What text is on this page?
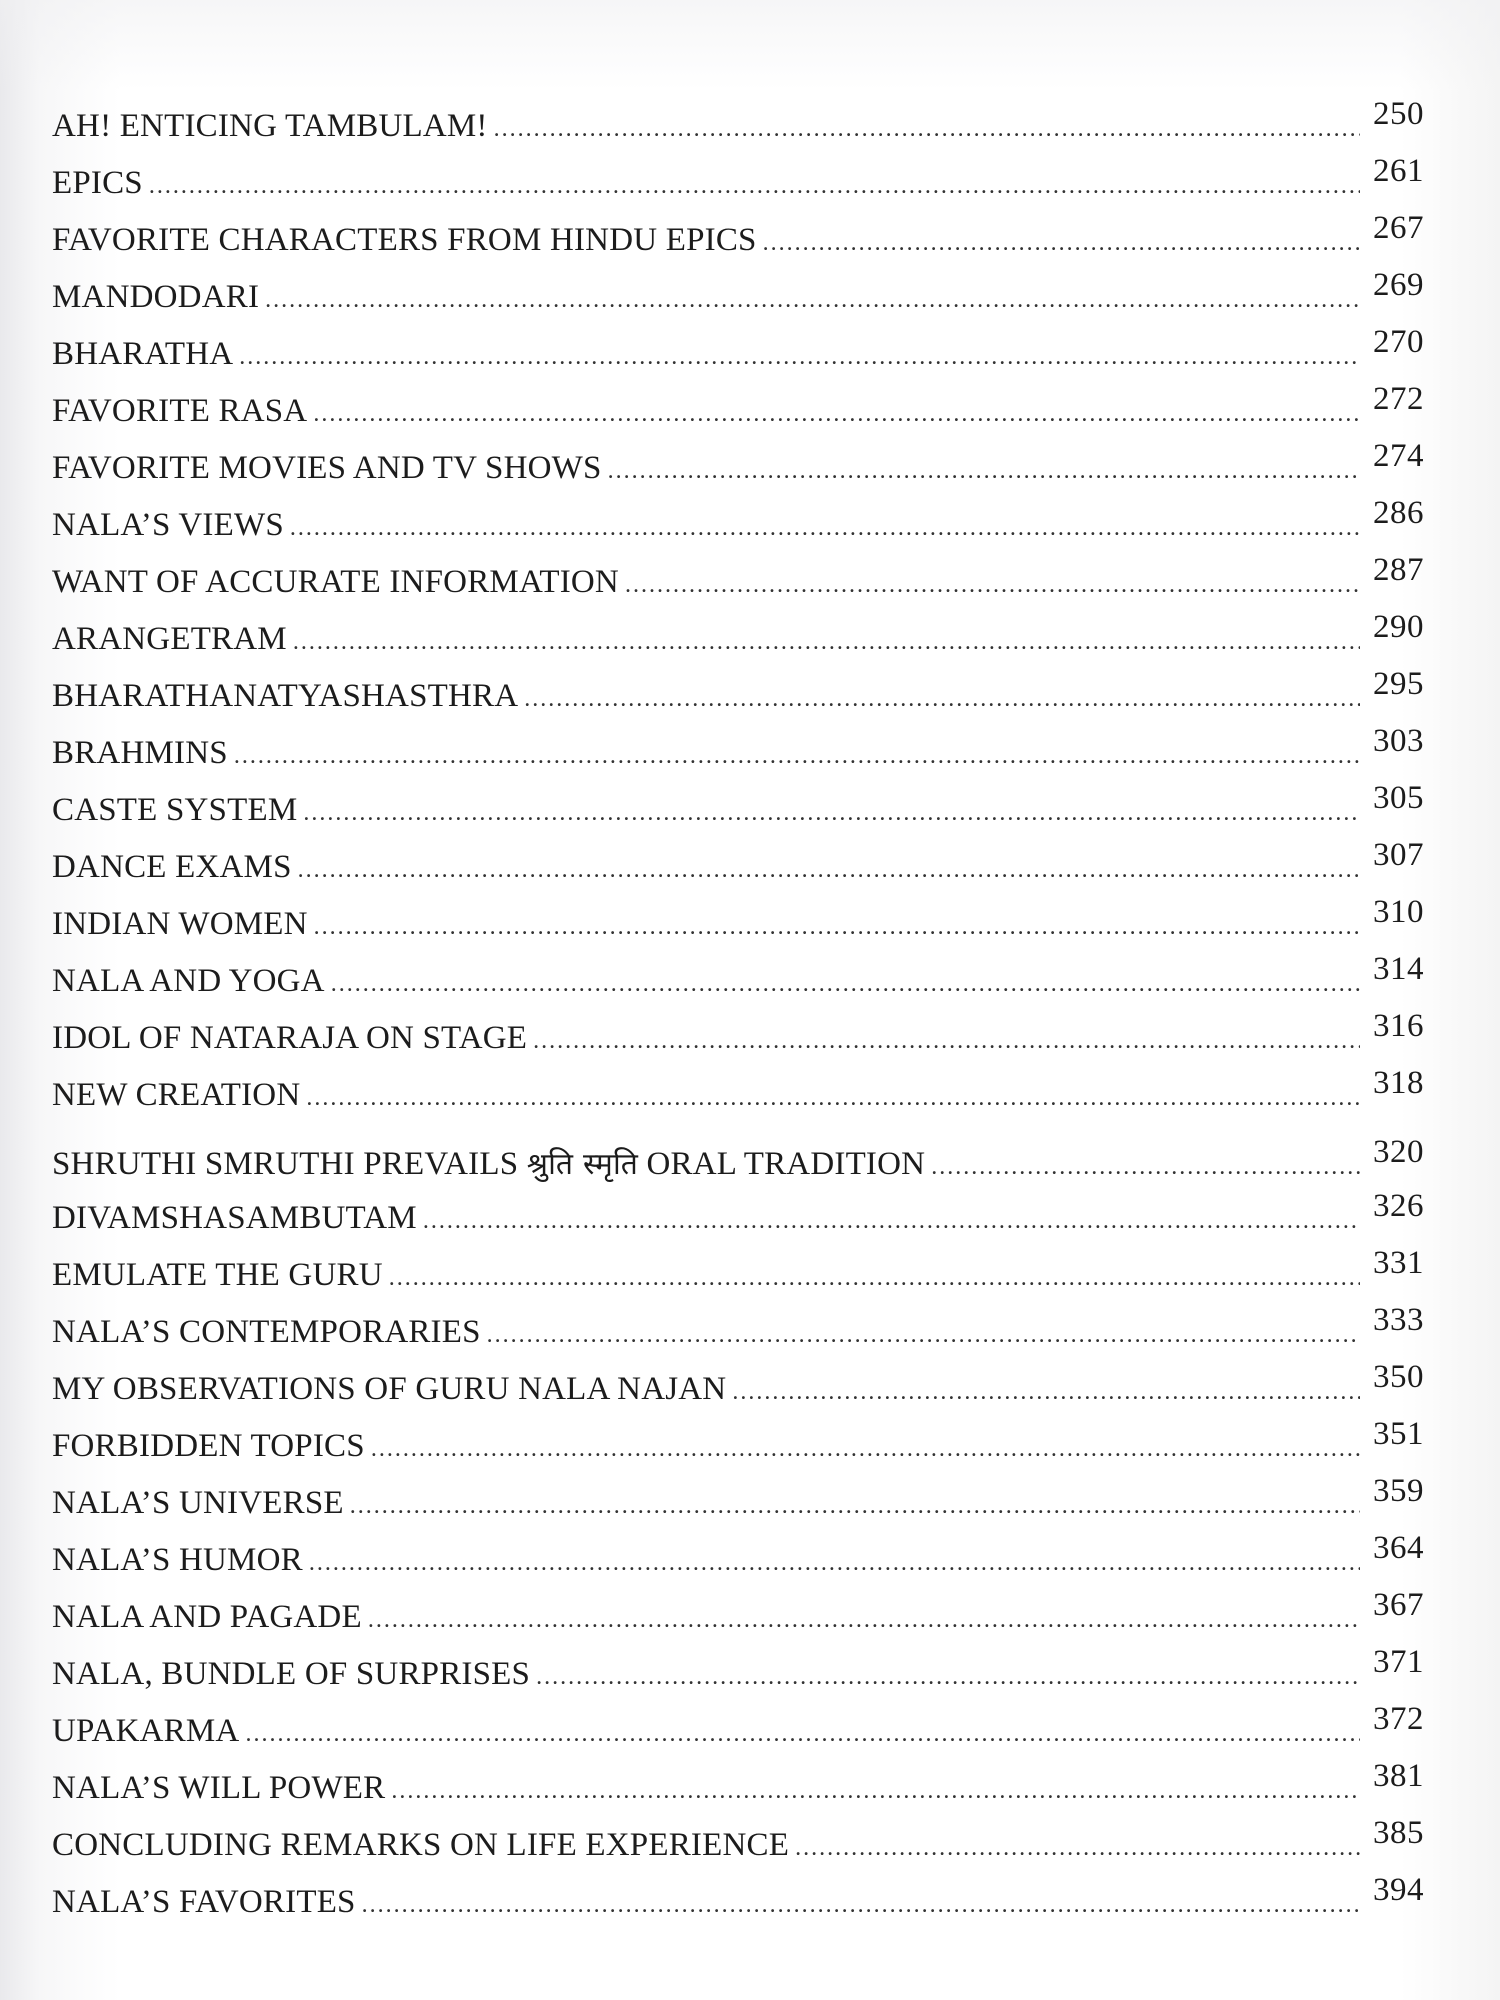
AH! ENTICING TAMBULAM! .....	250
EPICS .....	261
FAVORITE CHARACTERS FROM HINDU EPICS .....	267
MANDODARI .....	269
BHARATHA .....	270
FAVORITE RASA .....	272
FAVORITE MOVIES AND TV SHOWS .....	274
NALA’S VIEWS .....	286
WANT OF ACCURATE INFORMATION .....	287
ARANGETRAM .....	290
BHARATHANATYASHASTHRA .....	295
BRAHMINS .....	303
CASTE SYSTEM .....	305
DANCE EXAMS .....	307
INDIAN WOMEN .....	310
NALA AND YOGA .....	314
IDOL OF NATARAJA ON STAGE .....	316
NEW CREATION .....	318
SHRUTHI SMRUTHI PREVAILS श्रुति स्मृति ORAL TRADITION .....	320
DIVAMSHASAMBUTAM .....	326
EMULATE THE GURU .....	331
NALA’S CONTEMPORARIES .....	333
MY OBSERVATIONS OF GURU NALA NAJAN .....	350
FORBIDDEN TOPICS .....	351
NALA’S UNIVERSE .....	359
NALA’S HUMOR .....	364
NALA AND PAGADE .....	367
NALA, BUNDLE OF SURPRISES .....	371
UPAKARMA .....	372
NALA’S WILL POWER .....	381
CONCLUDING REMARKS ON LIFE EXPERIENCE .....	385
NALA’S FAVORITES .....	394
